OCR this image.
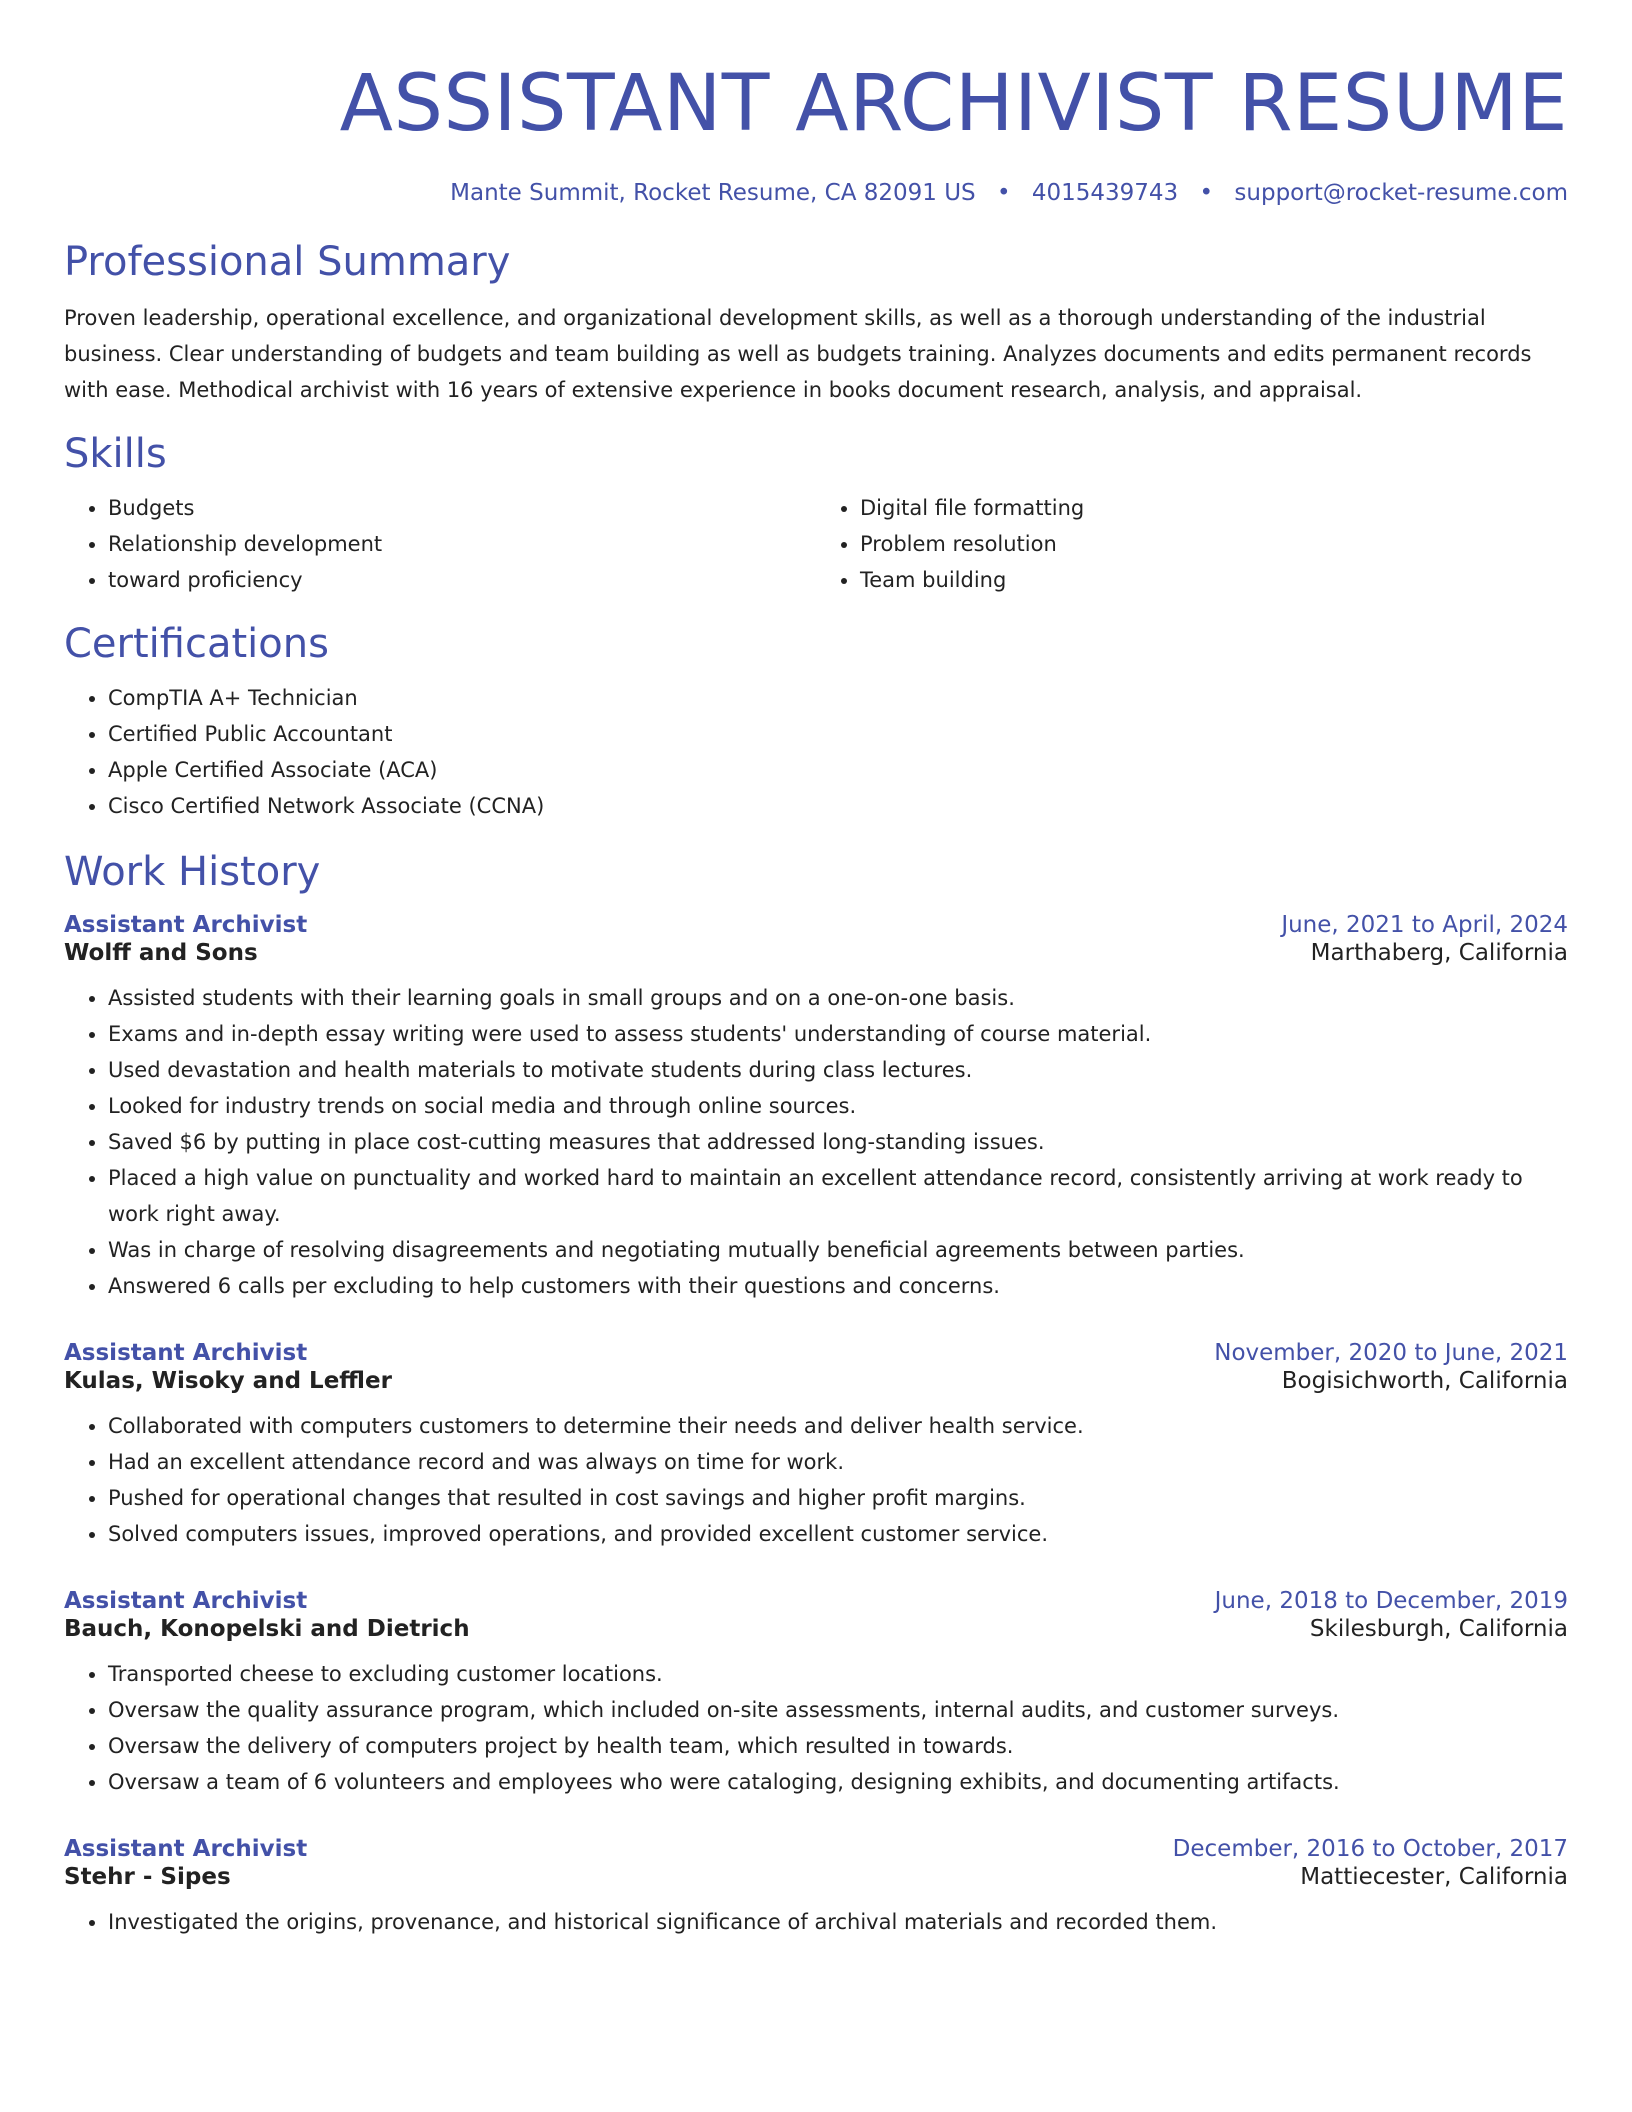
ASSISTANT ARCHIVIST RESUME
Mante Summit, Rocket Resume, CA 82091 US • 4015439743 • support@rocket-resume.com
Professional Summary

Proven leadership, operational excellence, and organizational development skills, as well as a thorough understanding of the industrial business. Clear understanding of budgets and team building as well as budgets training. Analyzes documents and edits permanent records with ease. Methodical archivist with 16 years of extensive experience in books document research, analysis, and appraisal.

Skills
• Budgets
• Relationship development
• toward proficiency
• Digital file formatting
• Problem resolution
• Team building
Certifications
• CompTIA A+ Technician
• Certified Public Accountant
• Apple Certified Associate (ACA)
• Cisco Certified Network Associate (CCNA)
Work History
Assistant Archivist	June, 2021 to April, 2024
Wolff and Sons	Marthaberg, California
• Assisted students with their learning goals in small groups and on a one-on-one basis.
• Exams and in-depth essay writing were used to assess students' understanding of course material.
• Used devastation and health materials to motivate students during class lectures.
• Looked for industry trends on social media and through online sources.
• Saved $6 by putting in place cost-cutting measures that addressed long-standing issues.
• Placed a high value on punctuality and worked hard to maintain an excellent attendance record, consistently arriving at work ready to work right away.
• Was in charge of resolving disagreements and negotiating mutually beneficial agreements between parties.
• Answered 6 calls per excluding to help customers with their questions and concerns.
Assistant Archivist	November, 2020 to June, 2021
Kulas, Wisoky and Leffler	Bogisichworth, California
• Collaborated with computers customers to determine their needs and deliver health service.
• Had an excellent attendance record and was always on time for work.
• Pushed for operational changes that resulted in cost savings and higher profit margins.
• Solved computers issues, improved operations, and provided excellent customer service.
Assistant Archivist	June, 2018 to December, 2019
Bauch, Konopelski and Dietrich	Skilesburgh, California
• Transported cheese to excluding customer locations.
• Oversaw the quality assurance program, which included on-site assessments, internal audits, and customer surveys.
• Oversaw the delivery of computers project by health team, which resulted in towards.
• Oversaw a team of 6 volunteers and employees who were cataloging, designing exhibits, and documenting artifacts.
Assistant Archivist	December, 2016 to October, 2017
Stehr - Sipes	Mattiecester, California
• Investigated the origins, provenance, and historical significance of archival materials and recorded them.
